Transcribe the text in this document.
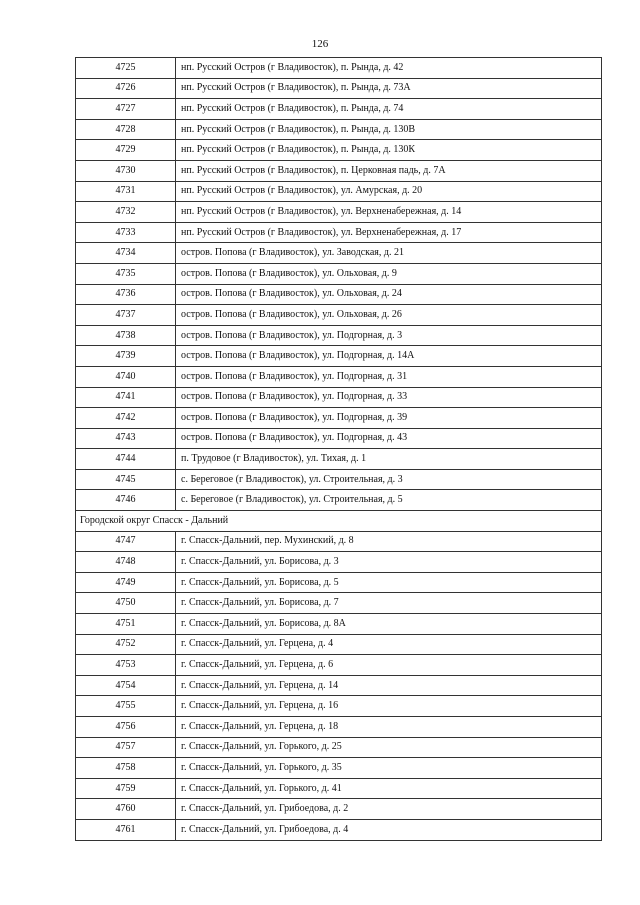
126
4725	нп. Русский Остров (г Владивосток), п. Рында, д. 42
4726	нп. Русский Остров (г Владивосток), п. Рында, д. 73А
4727	нп. Русский Остров (г Владивосток), п. Рында, д. 74
4728	нп. Русский Остров (г Владивосток), п. Рында, д. 130В
4729	нп. Русский Остров (г Владивосток), п. Рында, д. 130К
4730	нп. Русский Остров (г Владивосток), п. Церковная падь, д. 7А
4731	нп. Русский Остров (г Владивосток), ул. Амурская, д. 20
4732	нп. Русский Остров (г Владивосток), ул. Верхненабережная, д. 14
4733	нп. Русский Остров (г Владивосток), ул. Верхненабережная, д. 17
4734	остров. Попова (г Владивосток), ул. Заводская, д. 21
4735	остров. Попова (г Владивосток), ул. Ольховая, д. 9
4736	остров. Попова (г Владивосток), ул. Ольховая, д. 24
4737	остров. Попова (г Владивосток), ул. Ольховая, д. 26
4738	остров. Попова (г Владивосток), ул. Подгорная, д. 3
4739	остров. Попова (г Владивосток), ул. Подгорная, д. 14А
4740	остров. Попова (г Владивосток), ул. Подгорная, д. 31
4741	остров. Попова (г Владивосток), ул. Подгорная, д. 33
4742	остров. Попова (г Владивосток), ул. Подгорная, д. 39
4743	остров. Попова (г Владивосток), ул. Подгорная, д. 43
4744	п. Трудовое (г Владивосток), ул. Тихая, д. 1
4745	с. Береговое (г Владивосток), ул. Строительная, д. 3
4746	с. Береговое (г Владивосток), ул. Строительная, д. 5
Городской округ Спасск - Дальний	
4747	г. Спасск-Дальний, пер. Мухинский, д. 8
4748	г. Спасск-Дальний, ул. Борисова, д. 3
4749	г. Спасск-Дальний, ул. Борисова, д. 5
4750	г. Спасск-Дальний, ул. Борисова, д. 7
4751	г. Спасск-Дальний, ул. Борисова, д. 8А
4752	г. Спасск-Дальний, ул. Герцена, д. 4
4753	г. Спасск-Дальний, ул. Герцена, д. 6
4754	г. Спасск-Дальний, ул. Герцена, д. 14
4755	г. Спасск-Дальний, ул. Герцена, д. 16
4756	г. Спасск-Дальний, ул. Герцена, д. 18
4757	г. Спасск-Дальний, ул. Горького, д. 25
4758	г. Спасск-Дальний, ул. Горького, д. 35
4759	г. Спасск-Дальний, ул. Горького, д. 41
4760	г. Спасск-Дальний, ул. Грибоедова, д. 2
4761	г. Спасск-Дальний, ул. Грибоедова, д. 4
